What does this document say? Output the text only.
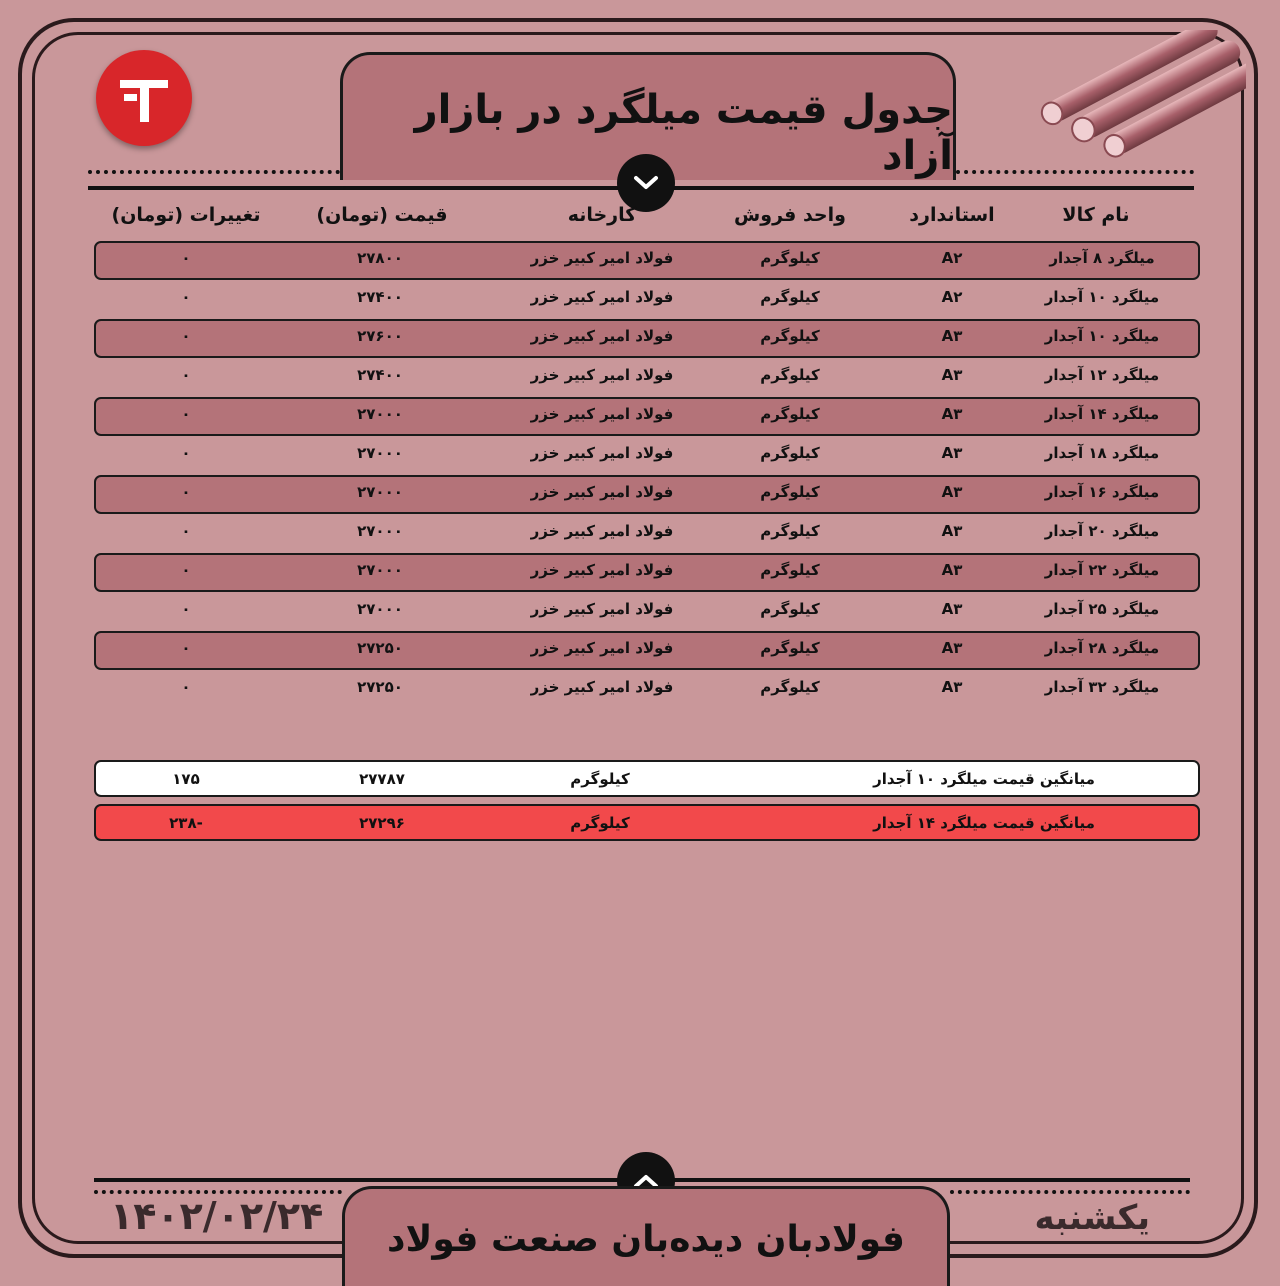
جدول قیمت میلگرد در بازار آزاد
نام کالا
استاندارد
واحد فروش
کارخانه
قیمت (تومان)
تغییرات (تومان)
میلگرد ۸ آجدار
A۲
کیلوگرم
فولاد امیر کبیر خزر
۲۷۸۰۰
۰
میلگرد ۱۰ آجدار
A۲
کیلوگرم
فولاد امیر کبیر خزر
۲۷۴۰۰
۰
میلگرد ۱۰ آجدار
A۳
کیلوگرم
فولاد امیر کبیر خزر
۲۷۶۰۰
۰
میلگرد ۱۲ آجدار
A۳
کیلوگرم
فولاد امیر کبیر خزر
۲۷۴۰۰
۰
میلگرد ۱۴ آجدار
A۳
کیلوگرم
فولاد امیر کبیر خزر
۲۷۰۰۰
۰
میلگرد ۱۸ آجدار
A۳
کیلوگرم
فولاد امیر کبیر خزر
۲۷۰۰۰
۰
میلگرد ۱۶ آجدار
A۳
کیلوگرم
فولاد امیر کبیر خزر
۲۷۰۰۰
۰
میلگرد ۲۰ آجدار
A۳
کیلوگرم
فولاد امیر کبیر خزر
۲۷۰۰۰
۰
میلگرد ۲۲ آجدار
A۳
کیلوگرم
فولاد امیر کبیر خزر
۲۷۰۰۰
۰
میلگرد ۲۵ آجدار
A۳
کیلوگرم
فولاد امیر کبیر خزر
۲۷۰۰۰
۰
میلگرد ۲۸ آجدار
A۳
کیلوگرم
فولاد امیر کبیر خزر
۲۷۲۵۰
۰
میلگرد ۳۲ آجدار
A۳
کیلوگرم
فولاد امیر کبیر خزر
۲۷۲۵۰
۰
میانگین قیمت میلگرد ۱۰ آجدار
کیلوگرم
۲۷۷۸۷
۱۷۵
میانگین قیمت میلگرد ۱۴ آجدار
کیلوگرم
۲۷۲۹۶
-۲۳۸
فولادبان دیده‌بان صنعت فولاد
۱۴۰۲/۰۲/۲۴	یکشنبه
